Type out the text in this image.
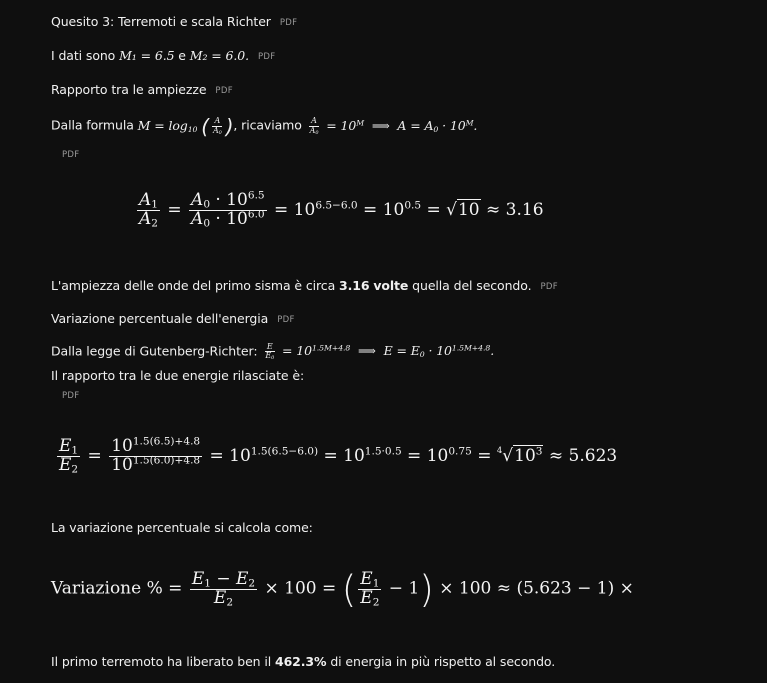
Quesito 3: Terremoti e scala Richter PDF
I dati sono M₁ = 6.5 e M₂ = 6.0. PDF
Rapporto tra le ampiezze PDF
Dalla formula $M = \log_{10}$ ( $\frac{A}{A_0}$ ), ricaviamo $\frac{A}{A_0} = 10^M$  ⟹  $A = A_0 \cdot 10^M$.
PDF
$\frac{A_1}{A_2} = \frac{A_0 \cdot 10^{6.5}}{A_0 \cdot 10^{6.0}} = 10^{6.5-6.0} = 10^{0.5} = √10 \approx 3.16$
L'ampiezza delle onde del primo sisma è circa 3.16 volte quella del secondo. PDF
Variazione percentuale dell'energia PDF
Dalla legge di Gutenberg-Richter: $\frac{E}{E_0} = 10^{1.5M+4.8}$  ⟹  $E = E_0 \cdot 10^{1.5M+4.8}$.
Il rapporto tra le due energie rilasciate è:
PDF
$\frac{E_1}{E_2} = \frac{10^{1.5(6.5)+4.8}}{10^{1.5(6.0)+4.8}} = 10^{1.5(6.5-6.0)} = 10^{1.5\cdot 0.5} = 10^{0.75} = ^4√10^3 \approx 5.623$
La variazione percentuale si calcola come:
Variazione % = $\frac{E_1 - E_2}{E_2} \times 100$ = ( $\frac{E_1}{E_2} - 1) \times 100 \approx (5.623 - 1)$ ×
Il primo terremoto ha liberato ben il 462.3% di energia in più rispetto al secondo.
